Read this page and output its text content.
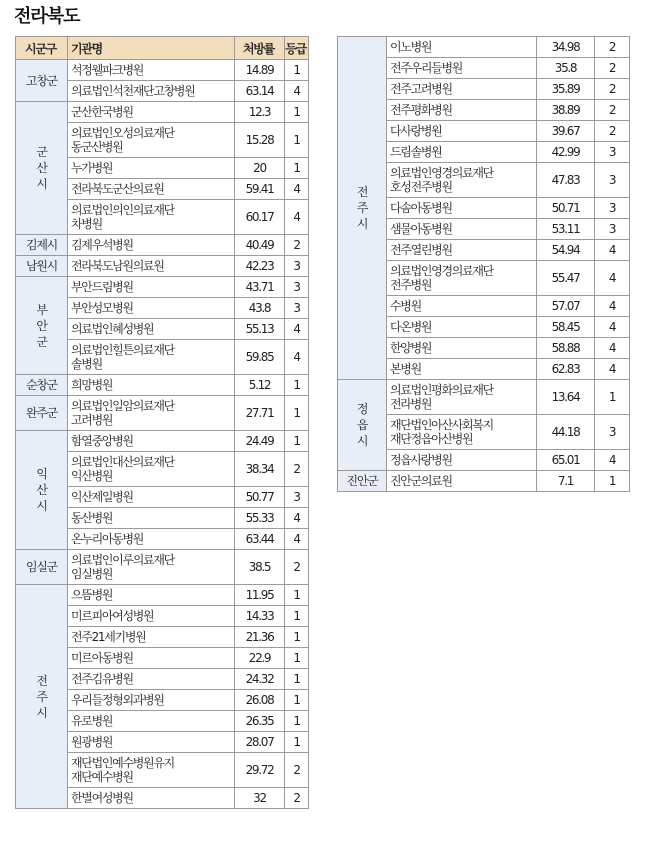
전라북도
시군구	기관명	처방률	등급
고창군	석정웰파크병원	14.89	1
	의료법인석천재단고창병원	63.14	4
군
산
시	군산한국병원	12.3	1
	의료법인오성의료재단
동군산병원	15.28	1
	누가병원	20	1
	전라북도군산의료원	59.41	4
	의료법인의인의료재단
차병원	60.17	4
김제시	김제우석병원	40.49	2
남원시	전라북도남원의료원	42.23	3
부
안
군	부안드림병원	43.71	3
	부안성모병원	43.8	3
	의료법인혜성병원	55.13	4
	의료법인힐튼의료재단
솔병원	59.85	4
순창군	희망병원	5.12	1
완주군	의료법인일암의료재단
고려병원	27.71	1
익
산
시	함열중앙병원	24.49	1
	의료법인대산의료재단
익산병원	38.34	2
	익산제일병원	50.77	3
	동산병원	55.33	4
	온누리아동병원	63.44	4
임실군	의료법인이루의료재단
임실병원	38.5	2
전
주
시	으뜸병원	11.95	1
	미르피아여성병원	14.33	1
	전주21세기병원	21.36	1
	미르아동병원	22.9	1
	전주김유병원	24.32	1
	우리들정형외과병원	26.08	1
	유로병원	26.35	1
	원광병원	28.07	1
	재단법인예수병원유지
재단예수병원	29.72	2
	한별여성병원	32	2
전
주
시	이노병원	34.98	2
	전주우리들병원	35.8	2
	전주고려병원	35.89	2
	전주평화병원	38.89	2
	다사랑병원	39.67	2
	드림솔병원	42.99	3
	의료법인영경의료재단
호성전주병원	47.83	3
	다솜아동병원	50.71	3
	샘물아동병원	53.11	3
	전주열린병원	54.94	4
	의료법인영경의료재단
전주병원	55.47	4
	수병원	57.07	4
	다온병원	58.45	4
	한양병원	58.88	4
	본병원	62.83	4
정
읍
시	의료법인평화의료재단
전라병원	13.64	1
	재단법인아산사회복지
재단정읍아산병원	44.18	3
	정읍사랑병원	65.01	4
진안군	진안군의료원	7.1	1
